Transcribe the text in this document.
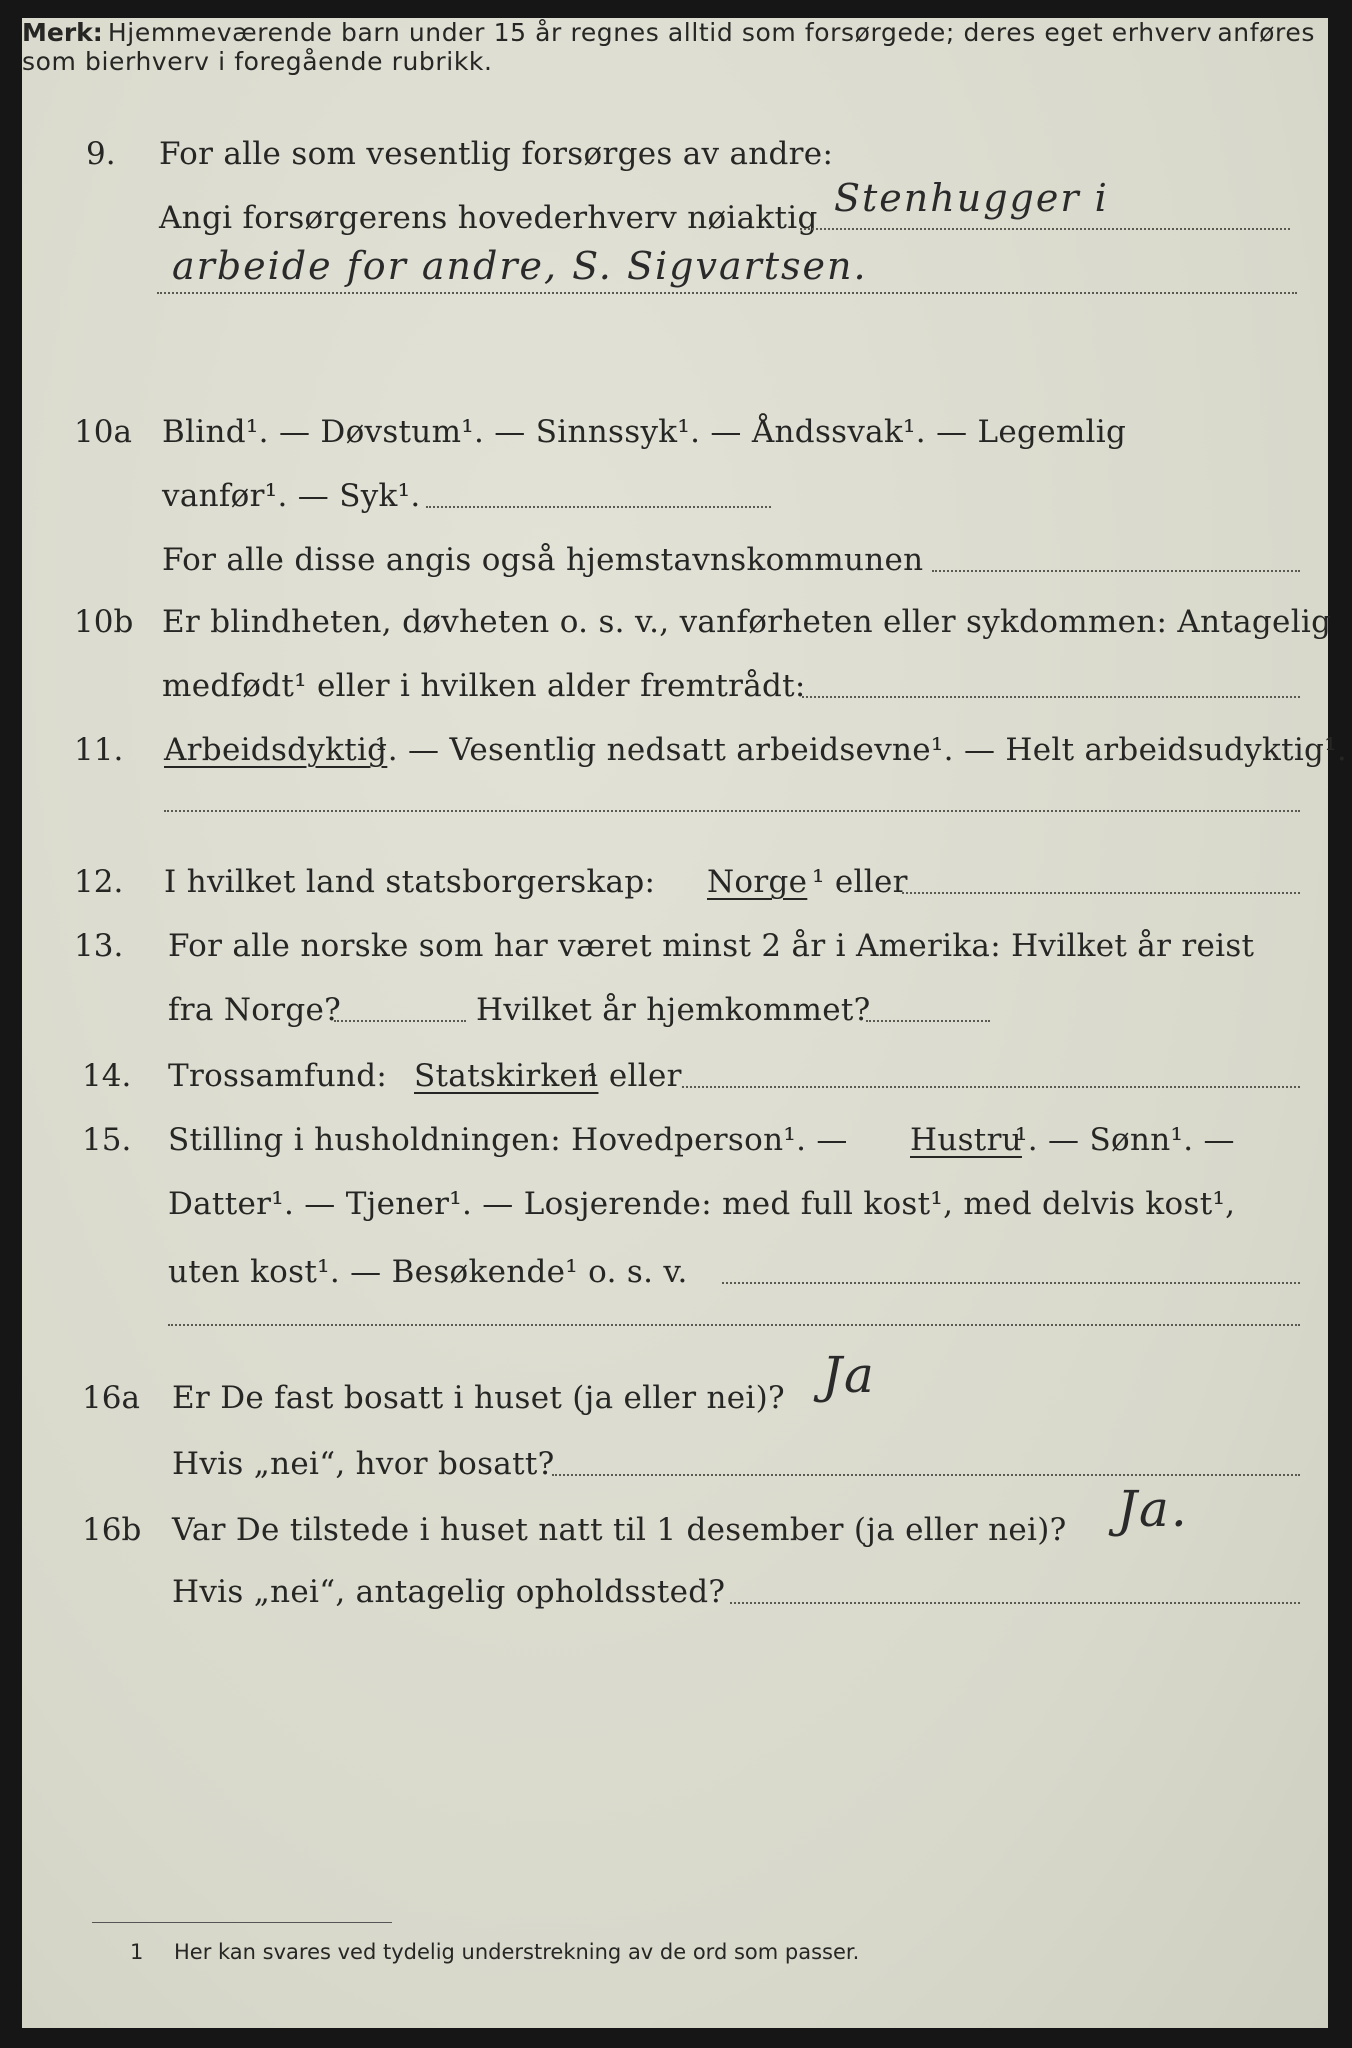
9. For alle som vesentlig forsørges av andre:
Angi forsørgerens hovederhverv nøiaktig Stenhugger i
arbeide for andre, S. Sigvartsen.
Merk: Hjemmeværende barn under 15 år regnes alltid som forsørgede; deres eget erhverv anføres som bierhverv i foregående rubrikk.
10a Blind¹. — Døvstum¹. — Sinnssyk¹. — Åndssvak¹. — Legemlig
vanfør¹. — Syk¹.
For alle disse angis også hjemstavnskommunen
10b Er blindheten, døvheten o. s. v., vanførheten eller sykdommen: Antagelig
medfødt¹ eller i hvilken alder fremtrådt:
11. Arbeidsdyktig
¹. — Vesentlig nedsatt arbeidsevne¹. — Helt arbeidsudyktig¹.
12. I hvilket land statsborgerskap: Norge ¹ eller
13. For alle norske som har været minst 2 år i Amerika: Hvilket år reist
fra Norge?	Hvilket år hjemkommet?
14. Trossamfund: Statskirken
¹ eller
15. Stilling i husholdningen: Hovedperson¹. — Hustru
¹. — Sønn¹. —
Datter¹. — Tjener¹. — Losjerende: med full kost¹, med delvis kost¹,
uten kost¹. — Besøkende¹ o. s. v.
16a Er De fast bosatt i huset (ja eller nei)? Ja
Hvis „nei“, hvor bosatt?
16b Var De tilstede i huset natt til 1 desember (ja eller nei)? Ja.
Hvis „nei“, antagelig opholdssted?
1 Her kan svares ved tydelig understrekning av de ord som passer.
